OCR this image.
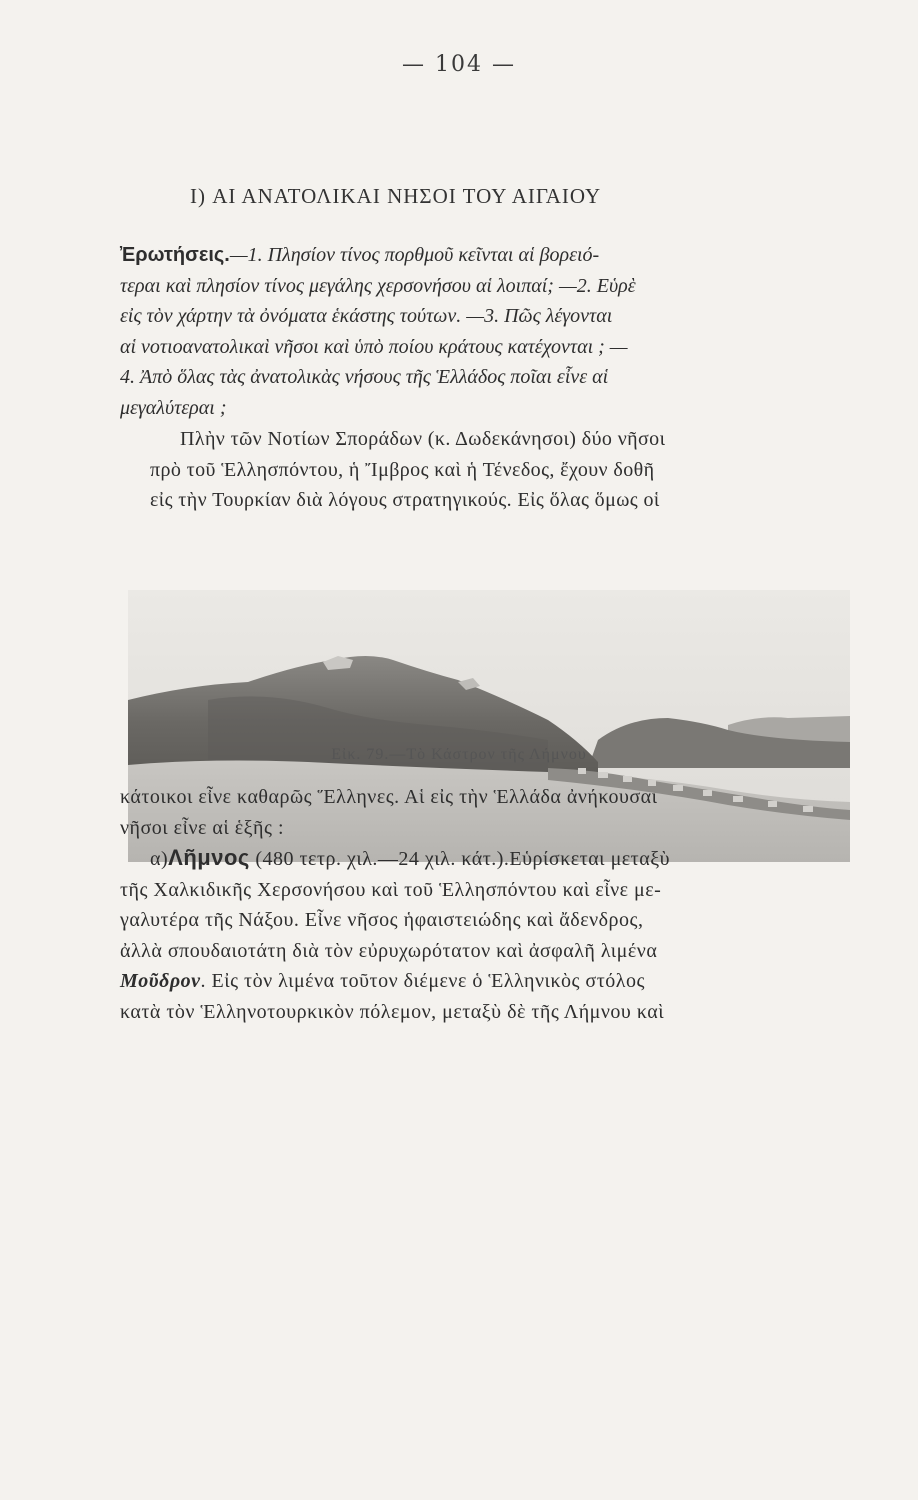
— 104 —
I) ΑΙ ΑΝΑΤΟΛΙΚΑΙ ΝΗΣΟΙ ΤΟΥ ΑΙΓΑΙΟΥ
Ἐρωτήσεις.—1. Πλησίον τίνος πορθμοῦ κεῖνται αἱ βορειό-
τεραι καὶ πλησίον τίνος μεγάλης χερσονήσου αἱ λοιπαί; —2. Εὑρὲ
εἰς τὸν χάρτην τὰ ὀνόματα ἑκάστης τούτων. —3. Πῶς λέγονται
αἱ νοτιοανατολικαὶ νῆσοι καὶ ὑπὸ ποίου κράτους κατέχονται ; —
4. Ἀπὸ ὅλας τὰς ἀνατολικὰς νήσους τῆς Ἑλλάδος ποῖαι εἶνε αἱ
μεγαλύτεραι ;
Πλὴν τῶν Νοτίων Σποράδων (κ. Δωδεκάνησοι) δύο νῆσοι
πρὸ τοῦ Ἑλλησπόντου, ἡ Ἴμβρος καὶ ἡ Τένεδος, ἔχουν δοθῆ
εἰς τὴν Τουρκίαν διὰ λόγους στρατηγικούς. Εἰς ὅλας ὅμως οἱ
Εἰκ. 79.—Τὸ Κάστρον τῆς Λήμνου
κάτοικοι εἶνε καθαρῶς Ἕλληνες. Αἱ εἰς τὴν Ἑλλάδα ἀνήκουσαι
νῆσοι εἶνε αἱ ἑξῆς :
α)Λῆμνος (480 τετρ. χιλ.—24 χιλ. κάτ.).Εὑρίσκεται μεταξὺ
τῆς Χαλκιδικῆς Χερσονήσου καὶ τοῦ Ἑλλησπόντου καὶ εἶνε με-
γαλυτέρα τῆς Νάξου. Εἶνε νῆσος ἡφαιστειώδης καὶ ἄδενδρος,
ἀλλὰ σπουδαιοτάτη διὰ τὸν εὐρυχωρότατον καὶ ἀσφαλῆ λιμένα
Μοῦδρον. Εἰς τὸν λιμένα τοῦτον διέμενε ὁ Ἑλληνικὸς στόλος
κατὰ τὸν Ἑλληνοτουρκικὸν πόλεμον, μεταξὺ δὲ τῆς Λήμνου καὶ
